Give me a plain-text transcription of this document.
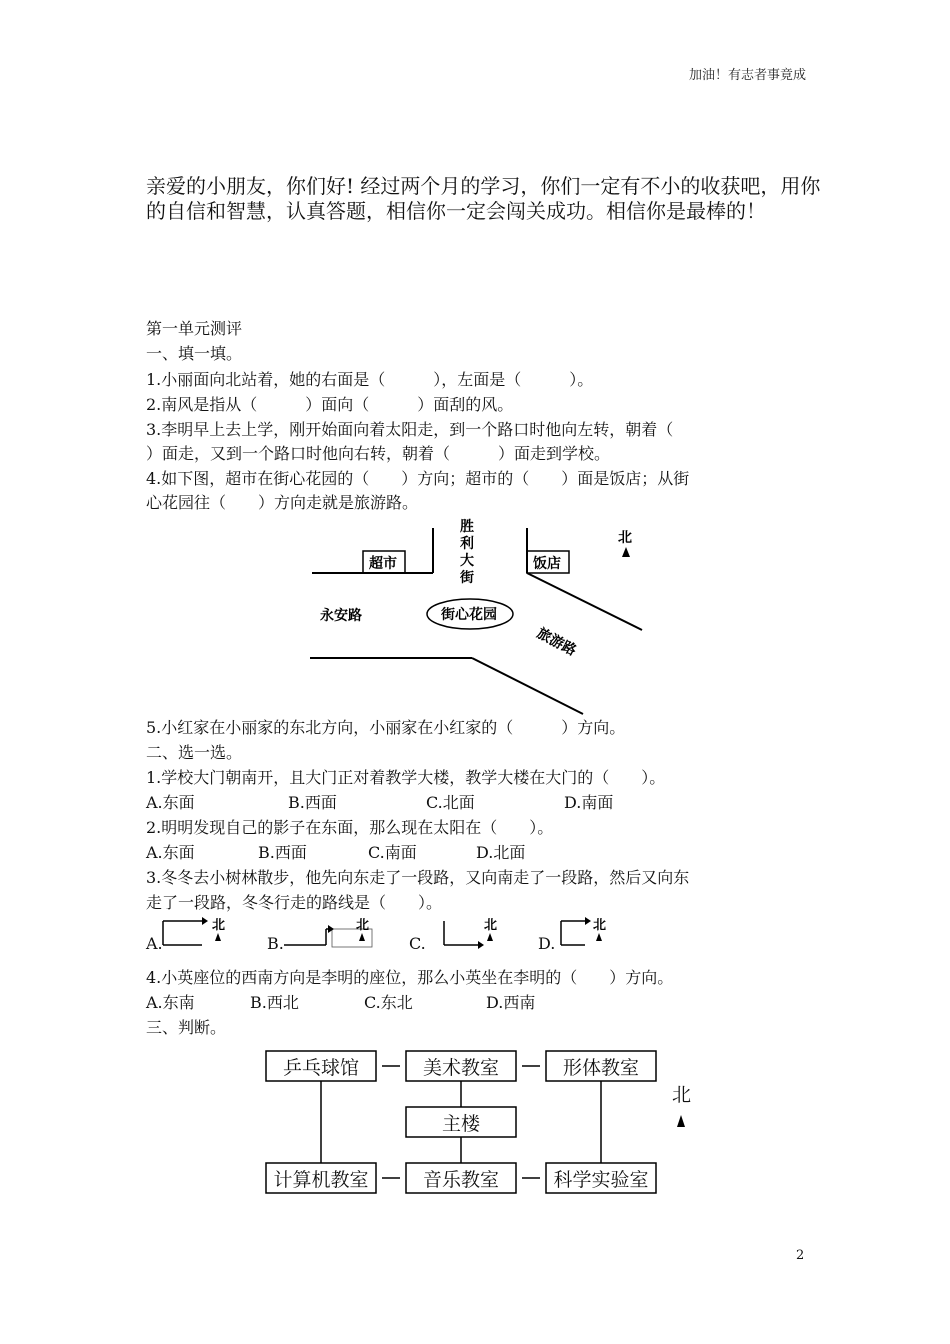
加油！有志者事竟成
亲爱的小朋友，你们好! 经过两个月的学习，你们一定有不小的收获吧，用你的自信和智慧，认真答题，相信你一定会闯关成功。相信你是最棒的！
第一单元测评
一、填一填。
1.小丽面向北站着，她的右面是（　　　），左面是（　　　）。
2.南风是指从（　　　）面向（　　　）面刮的风。
3.李明早上去上学，刚开始面向着太阳走，到一个路口时他向左转，朝着（
）面走，又到一个路口时他向右转，朝着（　　　）面走到学校。
4.如下图，超市在街心花园的（　　）方向；超市的（　　）面是饭店；从街
心花园往（　　）方向走就是旅游路。
胜
利
大
街
超市	饭店
北
永安路	街心花园
旅游路
5.小红家在小丽家的东北方向，小丽家在小红家的（　　　）方向。
二、选一选。
1.学校大门朝南开，且大门正对着教学大楼，教学大楼在大门的（　　）。
A.东面	B.西面	C.北面	D.南面
2.明明发现自己的影子在东面，那么现在太阳在（　　）。
A.东面	B.西面	C.南面	D.北面
3.冬冬去小树林散步，他先向东走了一段路，又向南走了一段路，然后又向东
走了一段路，冬冬行走的路线是（　　）。
A.
北
B.
北
C.
北
D.
北
4.小英座位的西南方向是李明的座位，那么小英坐在李明的（　　）方向。
A.东南	B.西北	C.东北	D.西南
三、判断。
乒乓球馆	美术教室	形体教室
主楼
计算机教室	音乐教室	科学实验室
北
2
